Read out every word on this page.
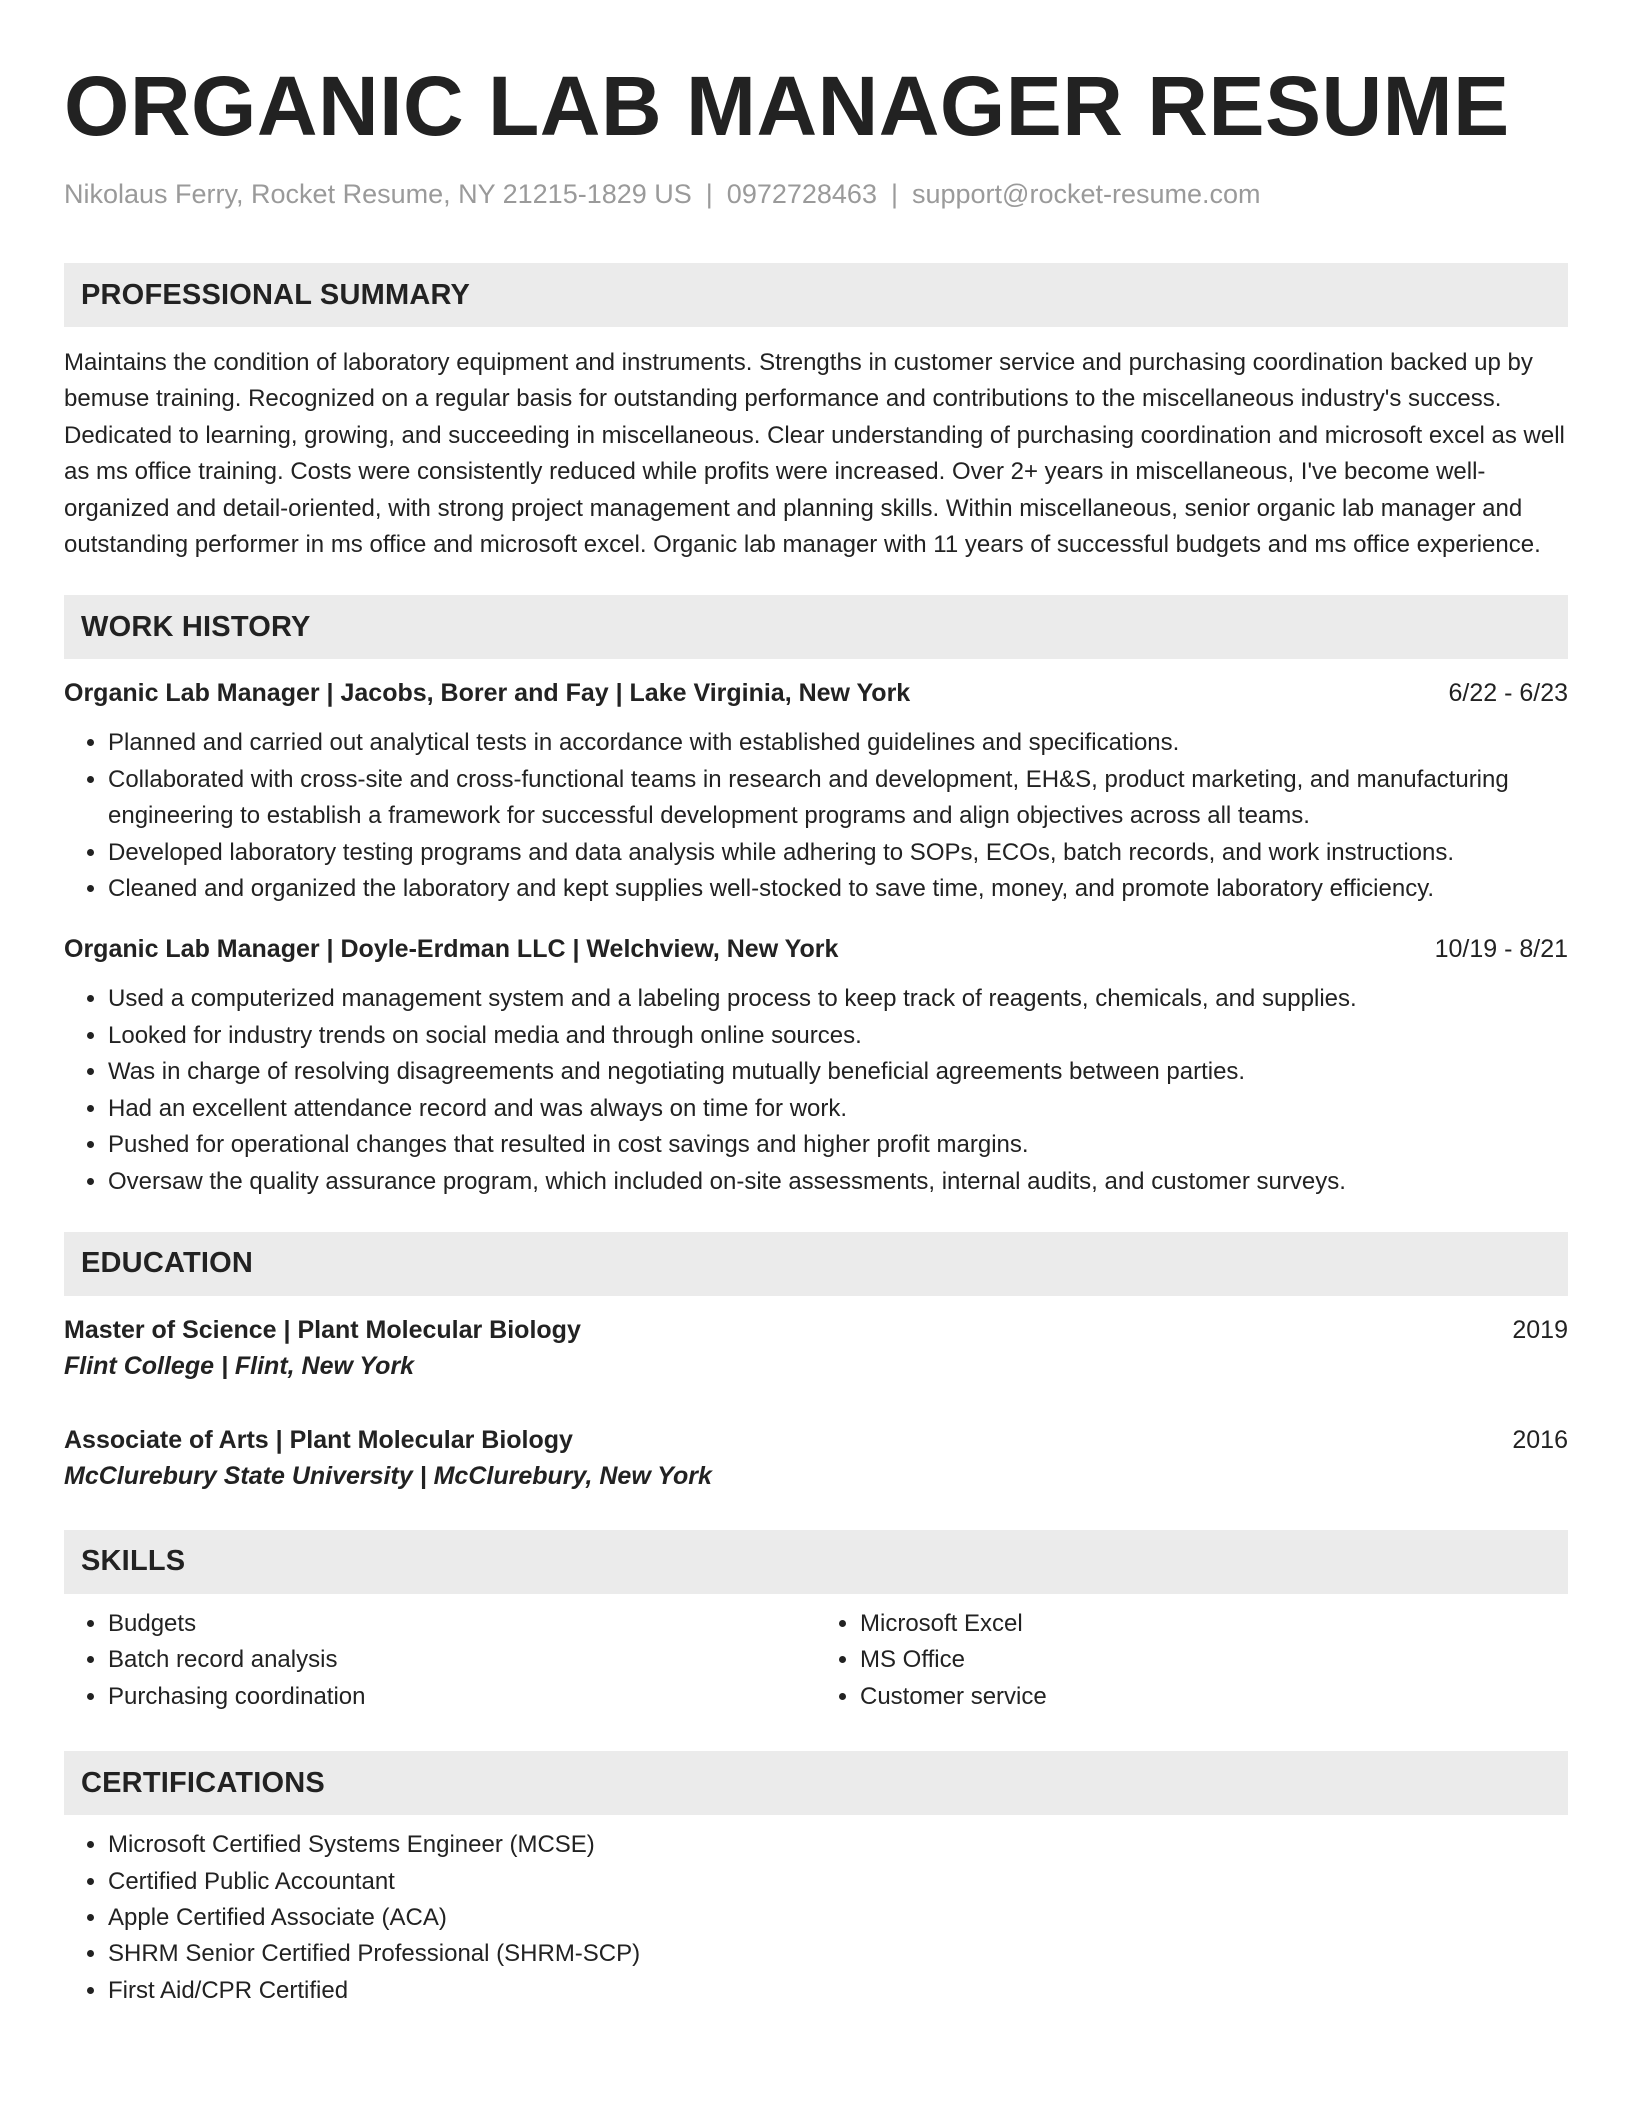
ORGANIC LAB MANAGER RESUME
Nikolaus Ferry, Rocket Resume, NY 21215-1829 US | 0972728463 | support@rocket-resume.com
PROFESSIONAL SUMMARY

Maintains the condition of laboratory equipment and instruments. Strengths in customer service and purchasing coordination backed up by bemuse training. Recognized on a regular basis for outstanding performance and contributions to the miscellaneous industry's success. Dedicated to learning, growing, and succeeding in miscellaneous. Clear understanding of purchasing coordination and microsoft excel as well as ms office training. Costs were consistently reduced while profits were increased. Over 2+ years in miscellaneous, I've become well-organized and detail-oriented, with strong project management and planning skills. Within miscellaneous, senior organic lab manager and outstanding performer in ms office and microsoft excel. Organic lab manager with 11 years of successful budgets and ms office experience.

WORK HISTORY
Organic Lab Manager | Jacobs, Borer and Fay | Lake Virginia, New York	6/22 - 6/23
• Planned and carried out analytical tests in accordance with established guidelines and specifications.
• Collaborated with cross-site and cross-functional teams in research and development, EH&S, product marketing, and manufacturing engineering to establish a framework for successful development programs and align objectives across all teams.
• Developed laboratory testing programs and data analysis while adhering to SOPs, ECOs, batch records, and work instructions.
• Cleaned and organized the laboratory and kept supplies well-stocked to save time, money, and promote laboratory efficiency.
Organic Lab Manager | Doyle-Erdman LLC | Welchview, New York	10/19 - 8/21
• Used a computerized management system and a labeling process to keep track of reagents, chemicals, and supplies.
• Looked for industry trends on social media and through online sources.
• Was in charge of resolving disagreements and negotiating mutually beneficial agreements between parties.
• Had an excellent attendance record and was always on time for work.
• Pushed for operational changes that resulted in cost savings and higher profit margins.
• Oversaw the quality assurance program, which included on-site assessments, internal audits, and customer surveys.
EDUCATION
Master of Science | Plant Molecular Biology	2019
Flint College | Flint, New York
Associate of Arts | Plant Molecular Biology	2016
McClurebury State University | McClurebury, New York
SKILLS
• Budgets
• Batch record analysis
• Purchasing coordination
• Microsoft Excel
• MS Office
• Customer service
CERTIFICATIONS
• Microsoft Certified Systems Engineer (MCSE)
• Certified Public Accountant
• Apple Certified Associate (ACA)
• SHRM Senior Certified Professional (SHRM-SCP)
• First Aid/CPR Certified
